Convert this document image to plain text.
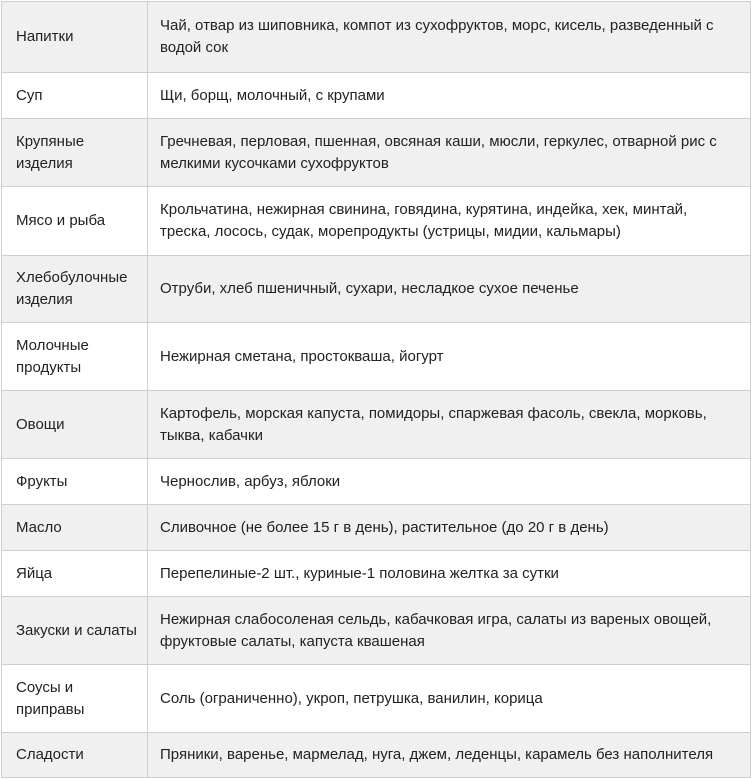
Напитки	Чай, отвар из шиповника, компот из сухофруктов, морс, кисель, разведенный с водой сок
Суп	Щи, борщ, молочный, с крупами
Крупяные изделия	Гречневая, перловая, пшенная, овсяная каши, мюсли, геркулес, отварной рис с мелкими кусочками сухофруктов
Мясо и рыба	Крольчатина, нежирная свинина, говядина, курятина, индейка, хек, минтай, треска, лосось, судак, морепродукты (устрицы, мидии, кальмары)
Хлебобулочные изделия	Отруби, хлеб пшеничный, сухари, несладкое сухое печенье
Молочные продукты	Нежирная сметана, простокваша, йогурт
Овощи	Картофель, морская капуста, помидоры, спаржевая фасоль, свекла, морковь, тыква, кабачки
Фрукты	Чернослив, арбуз, яблоки
Масло	Сливочное (не более 15 г в день), растительное (до 20 г в день)
Яйца	Перепелиные-2 шт., куриные-1 половина желтка за сутки
Закуски и салаты	Нежирная слабосоленая сельдь, кабачковая игра, салаты из вареных овощей, фруктовые салаты, капуста квашеная
Соусы и приправы	Соль (ограниченно), укроп, петрушка, ванилин, корица
Сладости	Пряники, варенье, мармелад, нуга, джем, леденцы, карамель без наполнителя
